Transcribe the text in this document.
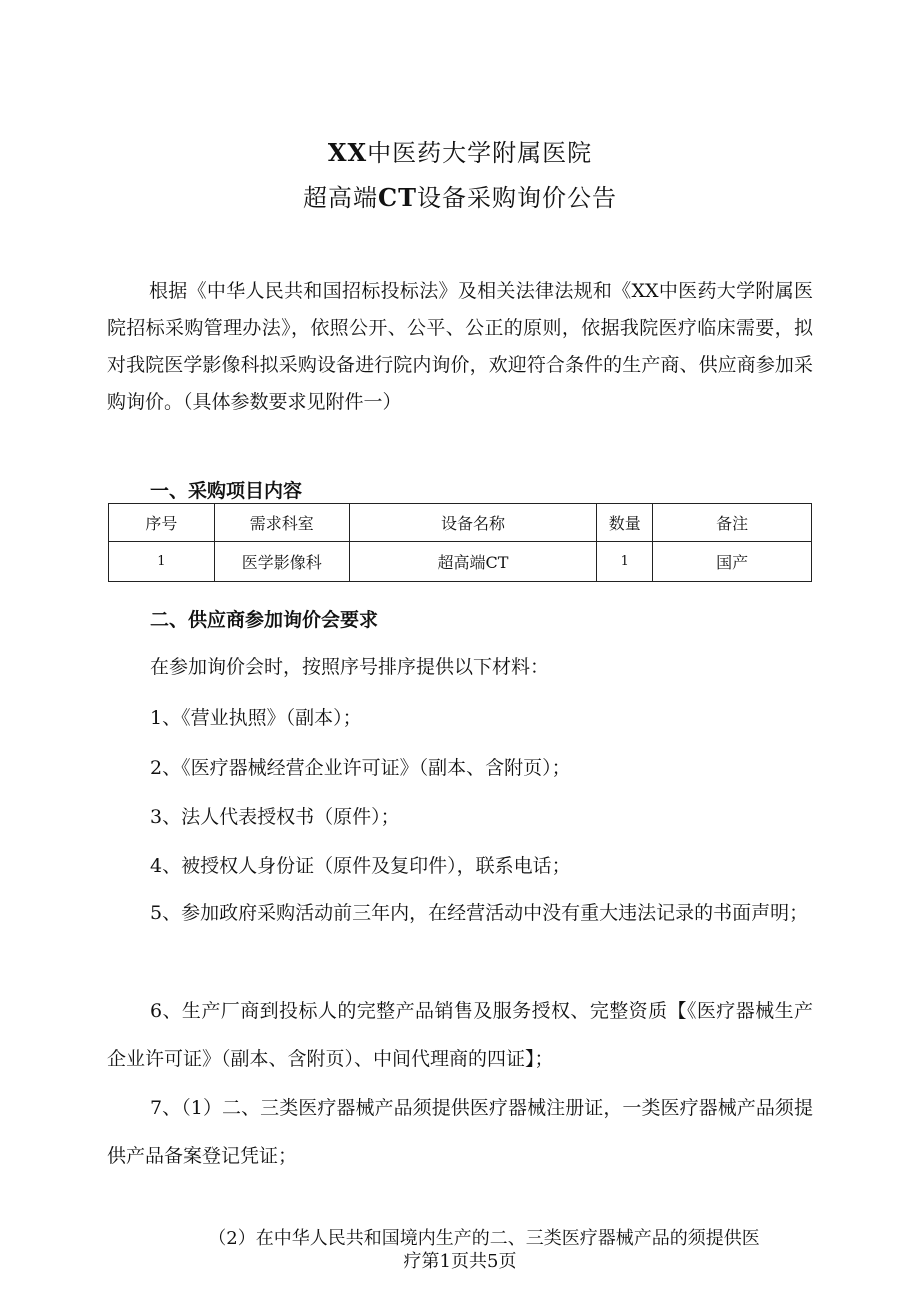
XX中医药大学附属医院
超高端CT设备采购询价公告
根据《中华人民共和国招标投标法》及相关法律法规和《XX中医药大学附属医院招标采购管理办法》，依照公开、公平、公正的原则，依据我院医疗临床需要，拟对我院医学影像科拟采购设备进行院内询价，欢迎符合条件的生产商、供应商参加采购询价。（具体参数要求见附件一）
一、采购项目内容
序号	需求科室	设备名称	数量	备注
1	医学影像科	超高端CT	1	国产
二、供应商参加询价会要求
在参加询价会时，按照序号排序提供以下材料：
1、《营业执照》（副本）；
2、《医疗器械经营企业许可证》（副本、含附页）；
3、法人代表授权书（原件）；
4、被授权人身份证（原件及复印件），联系电话；
5、参加政府采购活动前三年内，在经营活动中没有重大违法记录的书面声明；
6、生产厂商到投标人的完整产品销售及服务授权、完整资质【《医疗器械生产企业许可证》（副本、含附页）、中间代理商的四证】；
7、（1）二、三类医疗器械产品须提供医疗器械注册证，一类医疗器械产品须提供产品备案登记凭证；
（2）在中华人民共和国境内生产的二、三类医疗器械产品的须提供医
疗第1页共5页
